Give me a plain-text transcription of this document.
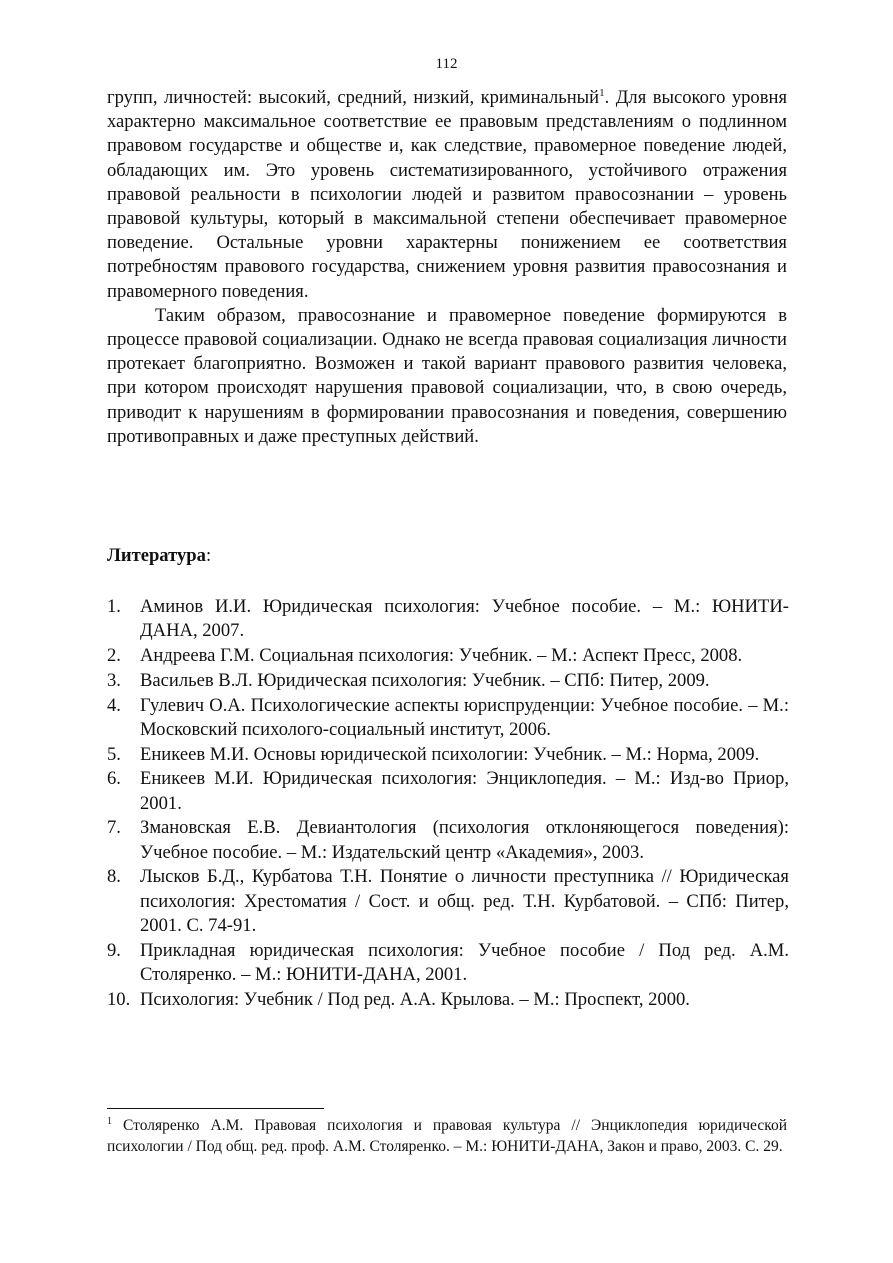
112

групп, личностей: высокий, средний, низкий, криминальный$^1$. Для высокого уровня характерно максимальное соответствие ее правовым представлениям о подлинном правовом государстве и обществе и, как следствие, правомерное поведение людей, обладающих им. Это уровень систематизированного, устойчивого отражения правовой реальности в психологии людей и развитом правосознании – уровень правовой культуры, который в максимальной степени обеспечивает правомерное поведение. Остальные уровни характерны понижением ее соответствия потребностям правового государства, снижением уровня развития правосознания и правомерного поведения.

Таким образом, правосознание и правомерное поведение формируются в процессе правовой социализации. Однако не всегда правовая социализация личности протекает благоприятно. Возможен и такой вариант правового развития человека, при котором происходят нарушения правовой социализации, что, в свою очередь, приводит к нарушениям в формировании правосознания и поведения, совершению противоправных и даже преступных действий.

Литература:
1. Аминов И.И. Юридическая психология: Учебное пособие. – М.: ЮНИТИ-ДАНА, 2007.
2. Андреева Г.М. Социальная психология: Учебник. – М.: Аспект Пресс, 2008.
3. Васильев В.Л. Юридическая психология: Учебник. – СПб: Питер, 2009.
4. Гулевич О.А. Психологические аспекты юриспруденции: Учебное пособие. – М.: Московский психолого-социальный институт, 2006.
5. Еникеев М.И. Основы юридической психологии: Учебник. – М.: Норма, 2009.
6. Еникеев М.И. Юридическая психология: Энциклопедия. – М.: Изд-во Приор, 2001.
7. Змановская Е.В. Девиантология (психология отклоняющегося поведения): Учебное пособие. – М.: Издательский центр «Академия», 2003.
8. Лысков Б.Д., Курбатова Т.Н. Понятие о личности преступника // Юридическая психология: Хрестоматия / Сост. и общ. ред. Т.Н. Курбатовой. – СПб: Питер, 2001. С. 74-91.
9. Прикладная юридическая психология: Учебное пособие / Под ред. А.М. Столяренко. – М.: ЮНИТИ-ДАНА, 2001.
10. Психология: Учебник / Под ред. А.А. Крылова. – М.: Проспект, 2000.
$^1$ Столяренко А.М. Правовая психология и правовая культура // Энциклопедия юридической психологии / Под общ. ред. проф. А.М. Столяренко. – М.: ЮНИТИ-ДАНА, Закон и право, 2003. С. 29.
